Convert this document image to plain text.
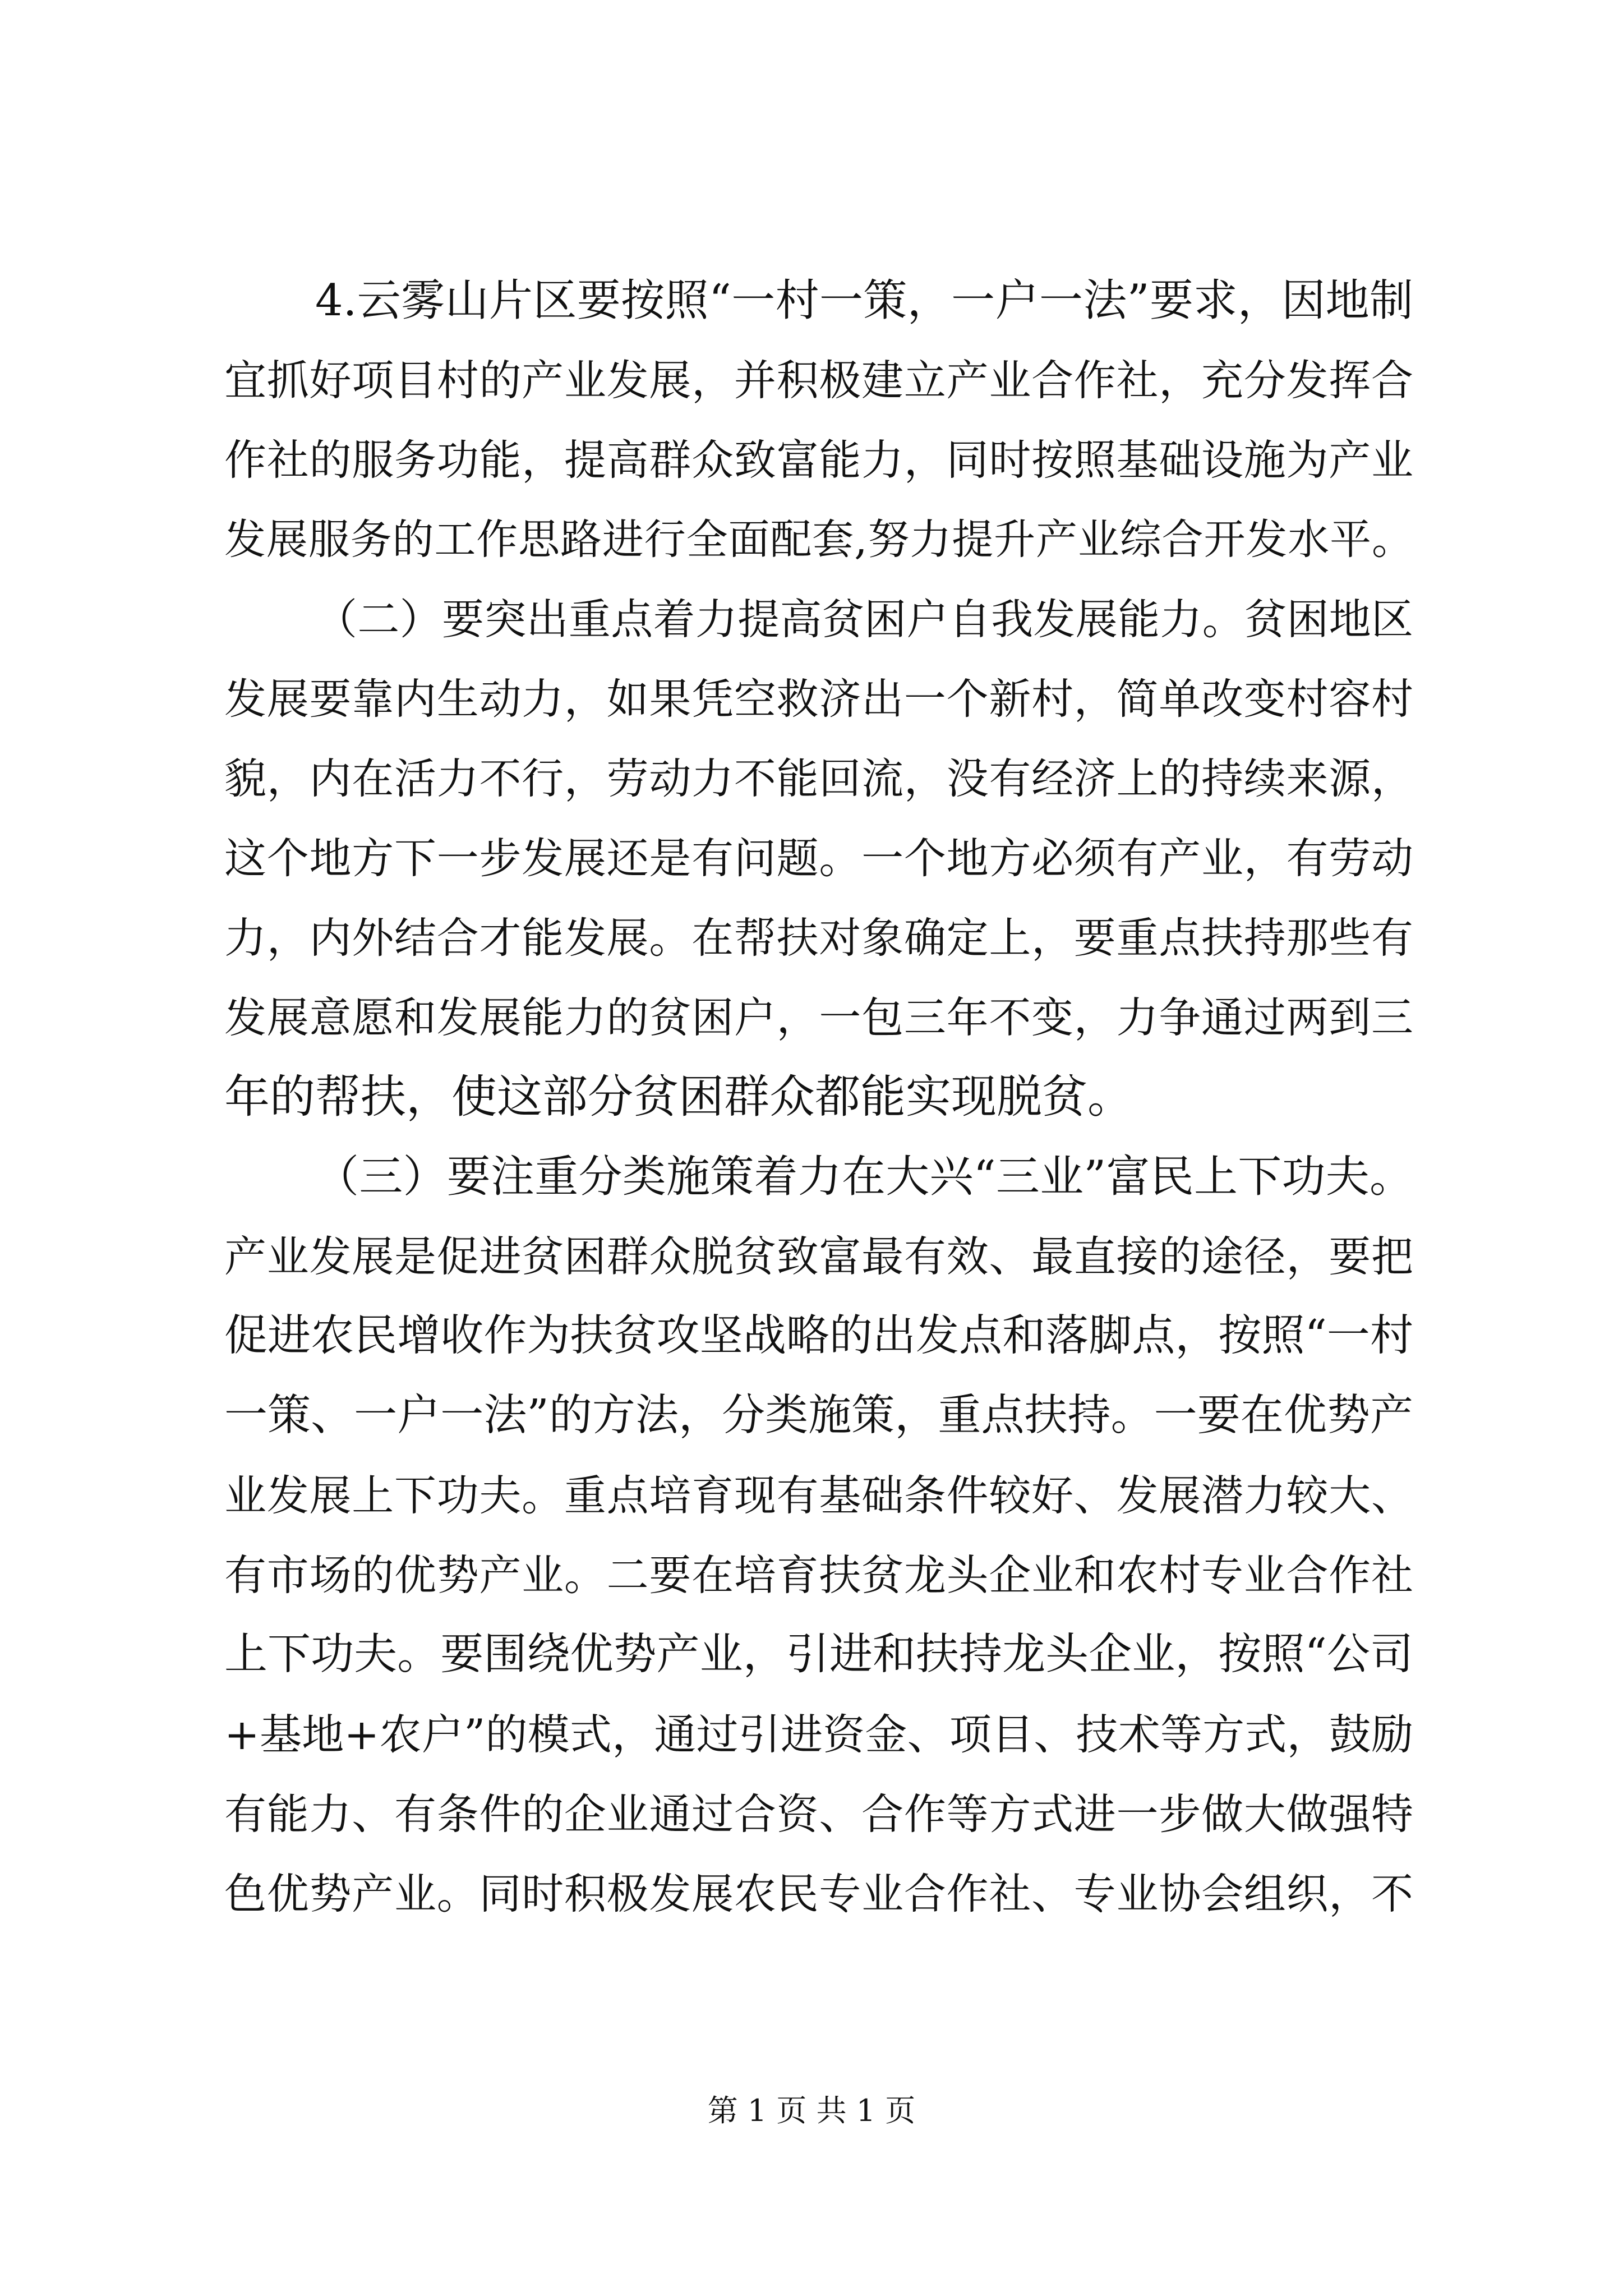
4.云雾山片区要按照“一村一策，一户一法”要求，因地制
宜抓好项目村的产业发展，并积极建立产业合作社，充分发挥合
作社的服务功能，提高群众致富能力，同时按照基础设施为产业
发展服务的工作思路进行全面配套,努力提升产业综合开发水平。
（二）要突出重点着力提高贫困户自我发展能力。贫困地区
发展要靠内生动力，如果凭空救济出一个新村，简单改变村容村
貌，内在活力不行，劳动力不能回流，没有经济上的持续来源，
这个地方下一步发展还是有问题。一个地方必须有产业，有劳动
力，内外结合才能发展。在帮扶对象确定上，要重点扶持那些有
发展意愿和发展能力的贫困户，一包三年不变，力争通过两到三
年的帮扶，使这部分贫困群众都能实现脱贫。
（三）要注重分类施策着力在大兴“三业”富民上下功夫。
产业发展是促进贫困群众脱贫致富最有效、最直接的途径，要把
促进农民增收作为扶贫攻坚战略的出发点和落脚点，按照“一村
一策、一户一法”的方法，分类施策，重点扶持。一要在优势产
业发展上下功夫。重点培育现有基础条件较好、发展潜力较大、
有市场的优势产业。二要在培育扶贫龙头企业和农村专业合作社
上下功夫。要围绕优势产业，引进和扶持龙头企业，按照“公司
+基地+农户”的模式，通过引进资金、项目、技术等方式，鼓励
有能力、有条件的企业通过合资、合作等方式进一步做大做强特
色优势产业。同时积极发展农民专业合作社、专业协会组织，不
第 1 页 共 1 页
